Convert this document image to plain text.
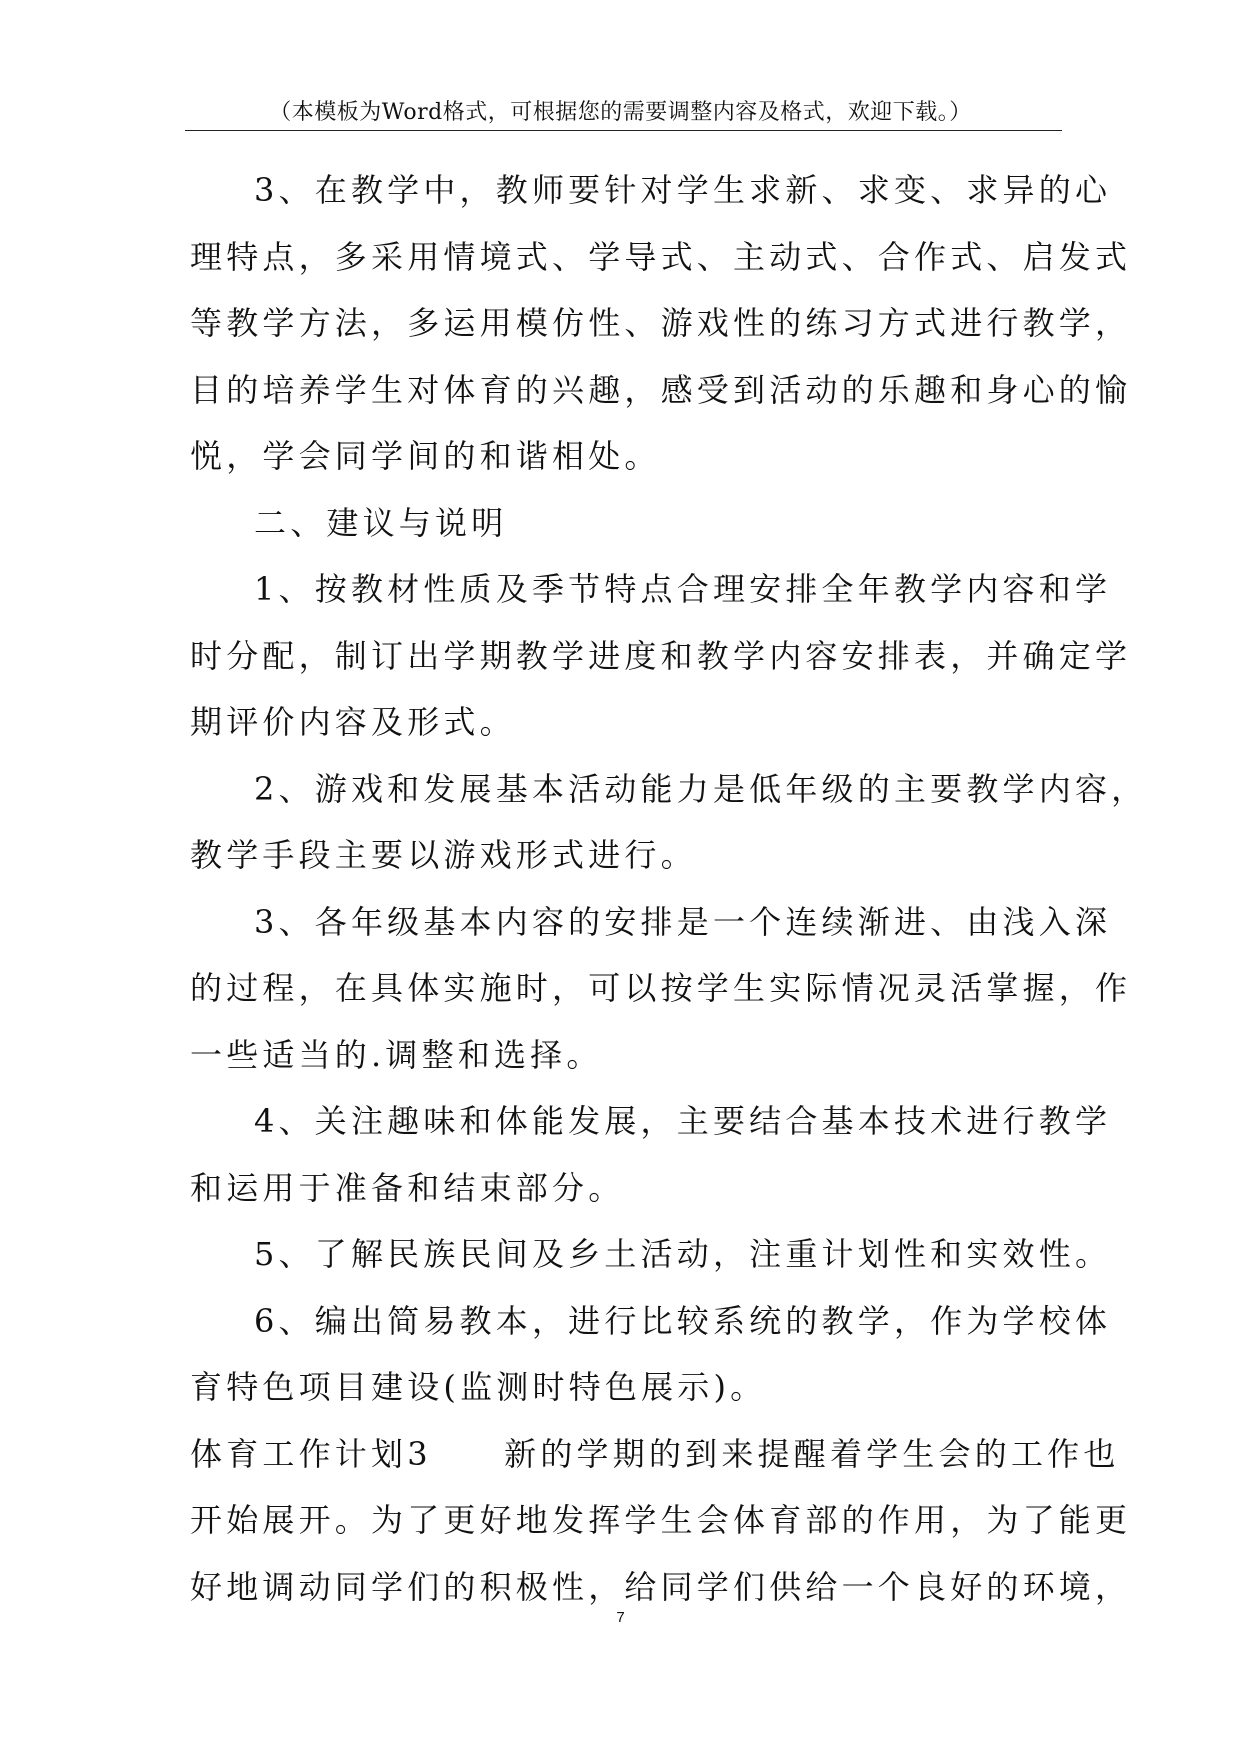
（本模板为Word格式，可根据您的需要调整内容及格式，欢迎下载。）
3、在教学中，教师要针对学生求新、求变、求异的心
理特点，多采用情境式、学导式、主动式、合作式、启发式
等教学方法，多运用模仿性、游戏性的练习方式进行教学，
目的培养学生对体育的兴趣，感受到活动的乐趣和身心的愉
悦，学会同学间的和谐相处。
二、建议与说明
1、按教材性质及季节特点合理安排全年教学内容和学
时分配，制订出学期教学进度和教学内容安排表，并确定学
期评价内容及形式。
2、游戏和发展基本活动能力是低年级的主要教学内容，
教学手段主要以游戏形式进行。
3、各年级基本内容的安排是一个连续渐进、由浅入深
的过程，在具体实施时，可以按学生实际情况灵活掌握，作
一些适当的.调整和选择。
4、关注趣味和体能发展，主要结合基本技术进行教学
和运用于准备和结束部分。
5、了解民族民间及乡土活动，注重计划性和实效性。
6、编出简易教本，进行比较系统的教学，作为学校体
育特色项目建设(监测时特色展示)。
体育工作计划3　　新的学期的到来提醒着学生会的工作也
开始展开。为了更好地发挥学生会体育部的作用，为了能更
好地调动同学们的积极性，给同学们供给一个良好的环境，
7
